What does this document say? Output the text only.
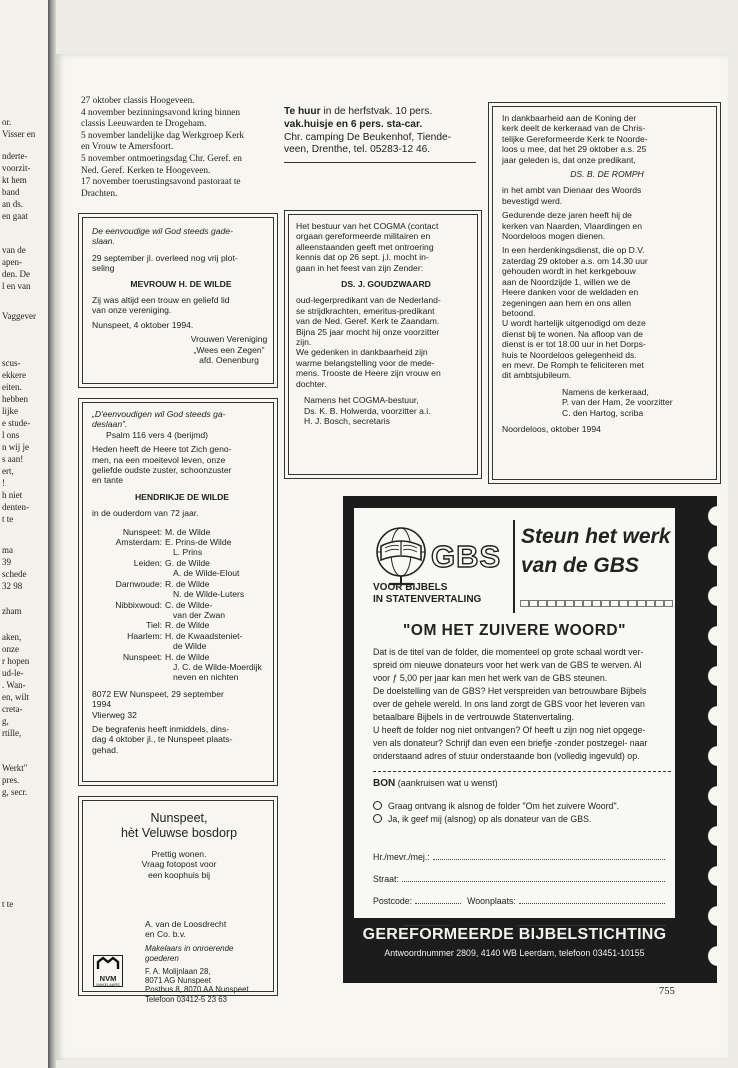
or.
Visser en
nderte-
voorzit-
kt hem
band
an ds.
en gaat
van de
apen-
den. De
l en van
Vaggever
scus-
ekkere
eiten.
hebben
lijke
e stude-
l ons
n wij je
s aan!
ert,
!
h niet
denten-
t te
ma
39
schede
32 98
zham
aken,
onze
r hopen
ud-le-
. Wan-
en, wilt
creta-
g,
rtille,
Werkt"
pres.
g, secr.
t te
27 oktober classis Hoogeveen.
4 november bezinningsavond kring binnen
classis Leeuwarden te Drogeham.
5 november landelijke dag Werkgroep Kerk
en Vrouw te Amersfoort.
5 november ontmoetingsdag Chr. Geref. en
Ned. Geref. Kerken te Hoogeveen.
17 november toerustingsavond pastoraat te
Drachten.
Te huur in de herfstvak. 10 pers.
vak.huisje en 6 pers. sta-car.
Chr. camping De Beukenhof, Tiende-
veen, Drenthe, tel. 05283-12 46.
In dankbaarheid aan de Koning der
kerk deelt de kerkeraad van de Chris-
telijke Gereformeerde Kerk te Noorde-
loos u mee, dat het 29 oktober a.s. 25
jaar geleden is, dat onze predikant,
DS. B. DE ROMPH
in het ambt van Dienaar des Woords
bevestigd werd.
Gedurende deze jaren heeft hij de
kerken van Naarden, Vlaardingen en
Noordeloos mogen dienen.
In een herdenkingsdienst, die op D.V.
zaterdag 29 oktober a.s. om 14.30 uur
gehouden wordt in het kerkgebouw
aan de Noordzijde 1, willen we de
Heere danken voor de weldaden en
zegeningen aan hem en ons allen
betoond.
U wordt hartelijk uitgenodigd om deze
dienst bij te wonen. Na afloop van de
dienst is er tot 18.00 uur in het Dorps-
huis te Noordeloos gelegenheid ds.
en mevr. De Romph te feliciteren met
dit ambtsjubileum.
Namens de kerkeraad,
P. van der Ham, 2e voorzitter
C. den Hartog, scriba
Noordeloos, oktober 1994
De eenvoudige wil God steeds gade-
slaan.
29 september jl. overleed nog vrij plot-
seling
MEVROUW H. DE WILDE
Zij was altijd een trouw en geliefd lid
van onze vereniging.
Nunspeet, 4 oktober 1994.
Vrouwen Vereniging
„Wees een Zegen”
afd. Oenenburg
Het bestuur van het COGMA (contact
orgaan gereformeerde militairen en
alleenstaanden geeft met ontroering
kennis dat op 26 sept. j.l. mocht in-
gaan in het feest van zijn Zender:
DS. J. GOUDZWAARD
oud-legerpredikant van de Nederland-
se strijdkrachten, emeritus-predikant
van de Ned. Geref. Kerk te Zaandam.
Bijna 25 jaar mocht hij onze voorzitter
zijn.
We gedenken in dankbaarheid zijn
warme belangstelling voor de mede-
mens. Trooste de Heere zijn vrouw en
dochter.
Namens het COGMA-bestuur,
Ds. K. B. Holwerda, voorzitter a.i.
H. J. Bosch, secretaris
„D'eenvoudigen wil God steeds ga-
deslaan”.
Psalm 116 vers 4 (berijmd)
Heden heeft de Heere tot Zich geno-
men, na een moeitevol leven, onze
geliefde oudste zuster, schoonzuster
en tante
HENDRIKJE DE WILDE
in de ouderdom van 72 jaar.
Nunspeet: M. de Wilde
Amsterdam: E. Prins-de Wilde
L. Prins
Leiden: G. de Wilde
A. de Wilde-Elout
Darnwoude: R. de Wilde
N. de Wilde-Luters
Nibbixwoud: C. de Wilde-
van der Zwan
Tiel: R. de Wilde
Haarlem: H. de Kwaadsteniet-
de Wilde
Nunspeet: H. de Wilde
J. C. de Wilde-Moerdijk
neven en nichten
8072 EW Nunspeet, 29 september
1994
Vlierweg 32
De begrafenis heeft inmiddels, dins-
dag 4 oktober jl., te Nunspeet plaats-
gehad.
Nunspeet,
hèt Veluwse bosdorp
Prettig wonen.
Vraag fotopost voor
een koophuis bij
A. van de Loosdrecht
en Co. b.v.
Makelaars in onroerende
goederen
F. A. Molijnlaan 28,
8071 AG Nunspeet
Postbus 8, 8070 AA Nunspeet
Telefoon 03412-5 23 63
NVM
MAKELAARS
GBS
VOOR BIJBELS
IN STATENVERTALING
Steun het werk
van de GBS
"OM HET ZUIVERE WOORD"
Dat is de titel van de folder, die momenteel op grote schaal wordt ver-
spreid om nieuwe donateurs voor het werk van de GBS te werven. Al
voor ƒ 5,00 per jaar kan men het werk van de GBS steunen.
De doelstelling van de GBS? Het verspreiden van betrouwbare Bijbels
over de gehele wereld. In ons land zorgt de GBS voor het leveren van
betaalbare Bijbels in de vertrouwde Statenvertaling.
U heeft de folder nog niet ontvangen? Of heeft u zijn nog niet opgege-
ven als donateur? Schrijf dan even een briefje -zonder postzegel- naar
onderstaand adres of stuur onderstaande bon (volledig ingevuld) op.
BON (aankruisen wat u wenst)
Graag ontvang ik alsnog de folder "Om het zuivere Woord".
Ja, ik geef mij (alsnog) op als donateur van de GBS.
Hr./mevr./mej.:
Straat:
Postcode:	Woonplaats:
Datum:	Handtekening:
GEREFORMEERDE BIJBELSTICHTING
Antwoordnummer 2809, 4140 WB Leerdam, telefoon 03451-10155
755
